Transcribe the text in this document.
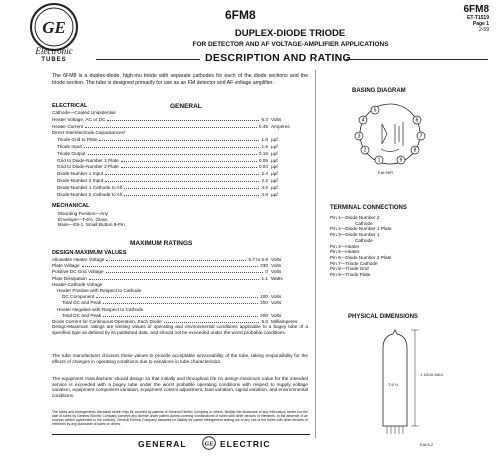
GE
Electronic
TUBES
6FM8	6FM8
ET-T1519
Page 1
2-59
DUPLEX-DIODE TRIODE
FOR DETECTOR AND AF VOLTAGE-AMPLIFIER APPLICATIONS
DESCRIPTION AND RATING
The 6FM8 is a duplex-diode, high-mu triode with separate cathodes for each of the diode sections and the triode section. The tube is designed primarily for use as an FM detector and AF voltage amplifier.
ELECTRICAL	GENERAL
Cathode—Coated Unipotential
Heater Voltage, AC or DC	6.3 Volts
Heater Current	0.45 Amperes
Direct Interelectrode Capacitances*
Triode Grid to Plate	1.8 μμf
Triode Input	1.5 μμf
Triode Output	0.16 μμf
Grid to Diode-Number 1 Plate	0.05 μμf
Grid to Diode-Number 2 Plate	0.04 μμf
Diode-Number 1 Input	2.4 μμf
Diode-Number 2 Input	2.2 μμf
Diode-Number 1 Cathode to All	4.6 μμf
Diode-Number 2 Cathode to All	4.8 μμf
MECHANICAL
Mounting Position—Any
Envelope—T-6½, Glass
Base—E9-1, Small Button 9-Pin
MAXIMUM RATINGS
DESIGN-MAXIMUM VALUES
Allowable Heater Voltage	5.7 to 6.9 Volts
Plate Voltage	330 Volts
Positive DC Grid Voltage	0 Volts
Plate Dissipation	1.1 Watts
Heater-Cathode Voltage
Heater Positive with Respect to Cathode
DC Component	100 Volts
Total DC and Peak	200 Volts
Heater Negative with Respect to Cathode
Total DC and Peak	200 Volts
Diode Current for Continuous Operation, Each Diode	5.0 Milliamperes
Design-Maximum ratings are limiting values of operating and environmental conditions applicable to a bogey tube of a specified type as defined by its published data, and should not be exceeded under the worst probable conditions.
The tube manufacturer chooses these values to provide acceptable serviceability of the tube, taking responsibility for the effects of changes in operating conditions due to variations in tube characteristics.
The equipment manufacturer should design so that initially and throughout life no design-maximum value for the intended service is exceeded with a bogey tube under the worst probable operating conditions with respect to supply voltage variation, equipment component variation, equipment control adjustment, load variation, signal variation, and environmental conditions.
The tubes and arrangements disclosed herein may be covered by patents of General Electric Company or others. Neither the disclosure of any information herein nor the sale of tubes by General Electric Company conveys any license under patent claims covering combinations of tubes with other devices or elements. In the absence of an express written agreement to the contrary, General Electric Company assumes no liability for patent infringement arising out of any use of the tubes with other devices or elements by any purchaser of tubes or others.
GENERAL	GE ELECTRIC
BASING DIAGRAM
1
2
3
4
5
6
7
8
9
EIA 9KR
TERMINAL CONNECTIONS
Pin 1—Diode Number 2
Cathode
Pin 2—Diode Number 1 Plate
Pin 3—Diode Number 1
Cathode
Pin 4—Heater
Pin 5—Heater
Pin 6—Diode Number 2 Plate
Pin 7—Triode Cathode
Pin 8—Triode Grid
Pin 9—Triode Plate
PHYSICAL DIMENSIONS
1 15/16 MAX
T-6 ½
EIA 6-2
